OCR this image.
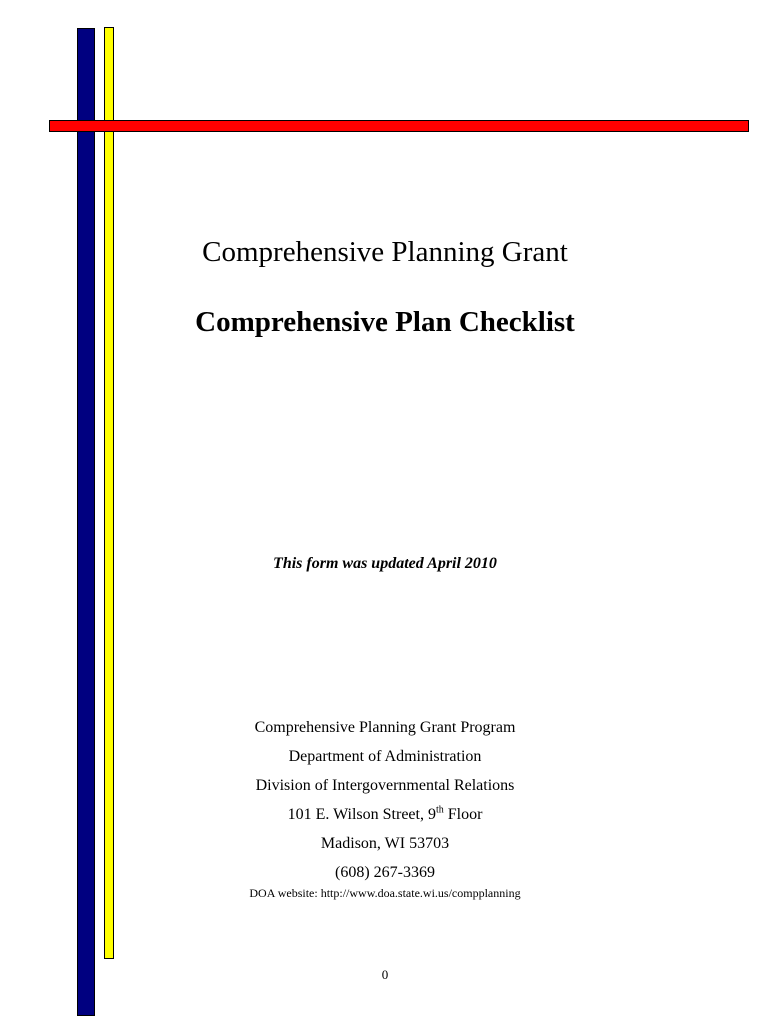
Comprehensive Planning Grant
Comprehensive Plan Checklist
This form was updated April 2010
Comprehensive Planning Grant Program
Department of Administration
Division of Intergovernmental Relations
101 E. Wilson Street, 9th Floor
Madison, WI 53703
(608) 267-3369
DOA website: http://www.doa.state.wi.us/compplanning
0
